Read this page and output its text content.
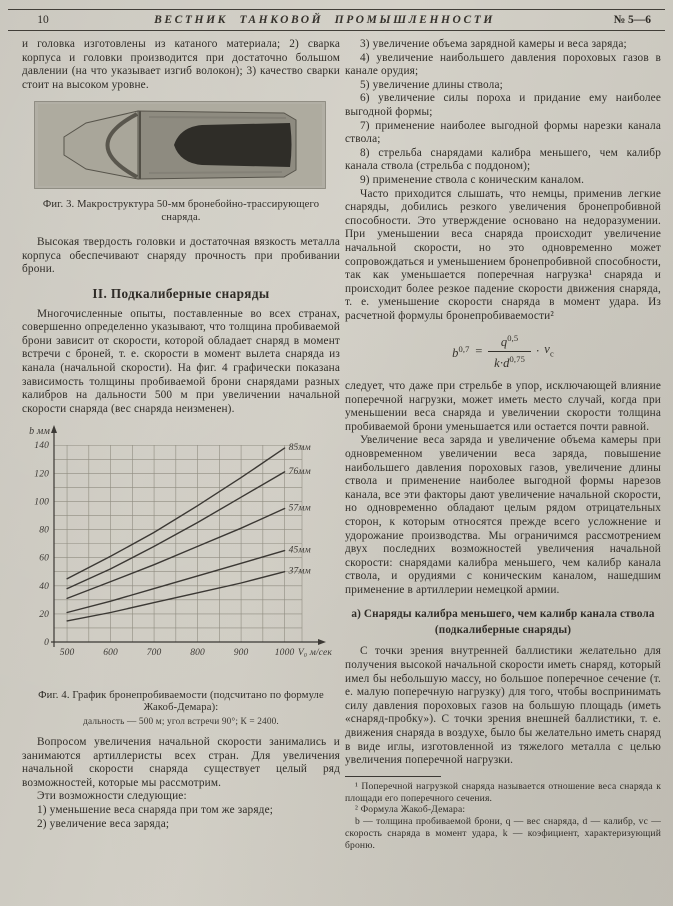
10	ВЕСТНИК ТАНКОВОЙ ПРОМЫШЛЕННОСТИ	№ 5—6

и головка изготовлены из катаного материала; 2) сварка корпуса и головки производится при достаточно большом давлении (на что указывает изгиб волокон); 3) качество сварки стоит на высоком уровне.

Фиг. 3. Макроструктура 50-мм бронебойно-трассирующего снаряда.

Высокая твердость головки и достаточная вязкость металла корпуса обеспечивают снаряду прочность при пробивании брони.

II. Подкалиберные снаряды

Многочисленные опыты, поставленные во всех странах, совершенно определенно указывают, что толщина пробиваемой брони зависит от скорости, которой обладает снаряд в момент встречи с броней, т. е. скорости в момент вылета снаряда из канала (начальной скорости). На фиг. 4 графически показана зависимость толщины пробиваемой брони снарядами разных калибров на дальности 500 м при увеличении начальной скорости снаряда (вес снаряда неизменен).

0
20
40
60
80
100
120
140
500	600	700	800	900	1000
b мм
V₀ м/сек
85мм
76мм
57мм
45мм
37мм

Фиг. 4. График бронепробиваемости (подсчитано по формуле Жакоб-Демара):

дальность — 500 м; угол встречи 90°; К = 2400.

Вопросом увеличения начальной скорости занимались и занимаются артиллеристы всех стран. Для увеличения начальной скорости снаряда существует целый ряд возможностей, которые мы рассмотрим.

Эти возможности следующие:

1) уменьшение веса снаряда при том же заряде;

2) увеличение веса заряда;

3) увеличение объема зарядной камеры и веса заряда;

4) увеличение наибольшего давления пороховых газов в канале орудия;

5) увеличение длины ствола;

6) увеличение силы пороха и придание ему наиболее выгодной формы;

7) применение наиболее выгодной формы нарезки канала ствола;

8) стрельба снарядами калибра меньшего, чем калибр канала ствола (стрельба с поддоном);

9) применение ствола с коническим каналом.

Часто приходится слышать, что немцы, применив легкие снаряды, добились резкого увеличения бронепробивной способности. Это утверждение основано на недоразумении. При уменьшении веса снаряда происходит увеличение начальной скорости, но это одновременно может сопровождаться и уменьшением бронепробивной способности, так как уменьшается поперечная нагрузка¹ снаряда и происходит более резкое падение скорости движения снаряда, т. е. уменьшение скорости снаряда в момент удара. Из расчетной формулы бронепробиваемости²

$b^{0,7} = \frac{q^{0,5}}{k\cdot d^{0,75}} \cdot v_с$

следует, что даже при стрельбе в упор, исключающей влияние поперечной нагрузки, может иметь место случай, когда при уменьшении веса снаряда и увеличении скорости толщина пробиваемой брони уменьшается или остается почти равной.

Увеличение веса заряда и увеличение объема камеры при одновременном увеличении веса заряда, повышение наибольшего давления пороховых газов, увеличение длины ствола и применение наиболее выгодной формы нарезов канала, все эти факторы дают увеличение начальной скорости, но одновременно обладают целым рядом отрицательных сторон, к которым относятся прежде всего усложнение и удорожание производства. Мы ограничимся рассмотрением двух последних возможностей увеличения начальной скорости: снарядами калибра меньшего, чем калибр канала ствола, и орудиями с коническим каналом, нашедшим применение в артиллерии немецкой армии.

а) Снаряды калибра меньшего, чем калибр канала ствола

(подкалиберные снаряды)

С точки зрения внутренней баллистики желательно для получения высокой начальной скорости иметь снаряд, который имел бы небольшую массу, но большое поперечное сечение (т. е. малую поперечную нагрузку) для того, чтобы воспринимать силу давления пороховых газов на большую площадь (иметь «снаряд-пробку»). С точки зрения внешней баллистики, т. е. движения снаряда в воздухе, было бы желательно иметь снаряд в виде иглы, изготовленной из тяжелого металла с целью увеличения поперечной нагрузки.

¹ Поперечной нагрузкой снаряда называется отношение веса снаряда к площади его поперечного сечения.

² Формула Жакоб-Демара:

b — толщина пробиваемой брони, q — вес снаряда, d — калибр, vс — скорость снаряда в момент удара, k — коэфициент, характеризующий броню.
